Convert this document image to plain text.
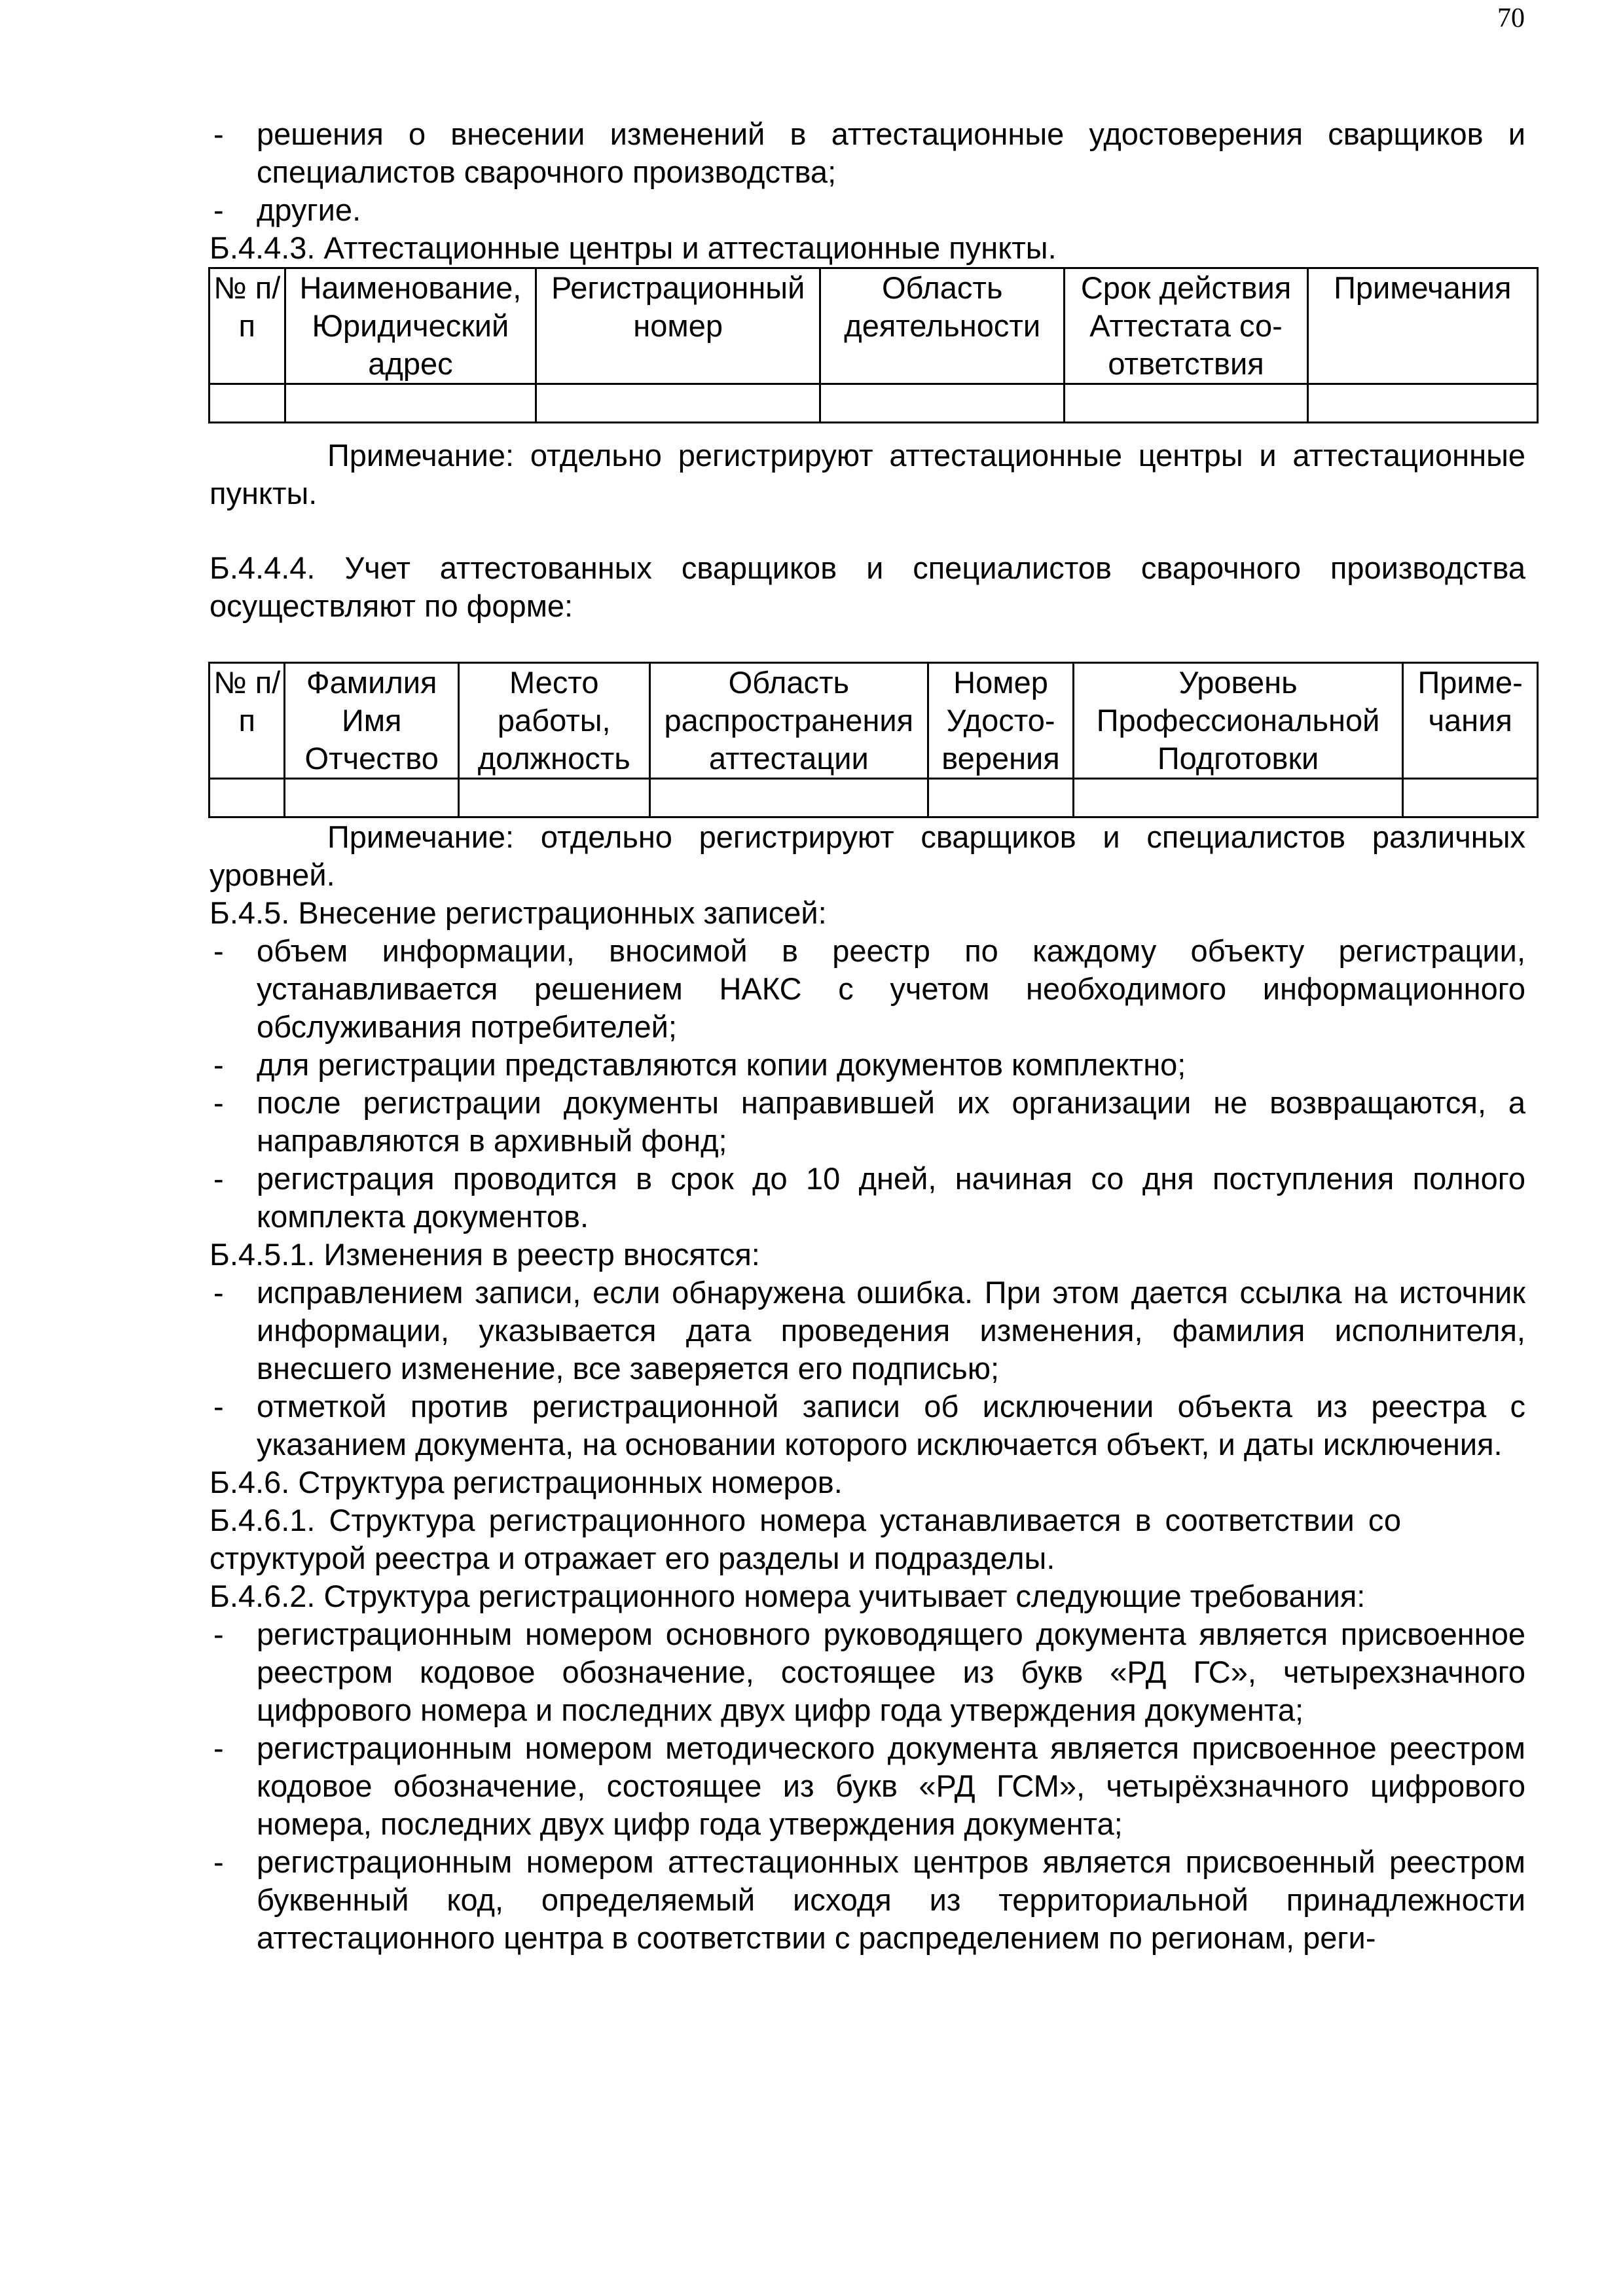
70
- решения о внесении изменений в аттестационные удостоверения сварщиков и специалистов сварочного производства;
- другие.

Б.4.4.3. Аттестационные центры и аттестационные пункты.

№ п/п	Наименование, Юридический адрес	Регистрационный номер	Область деятельности	Срок действия Аттестата со-ответствия	Примечания

Примечание: отдельно регистрируют аттестационные центры и аттестационные пункты.

Б.4.4.4. Учет аттестованных сварщиков и специалистов сварочного производства осуществляют по форме:

№ п/п	Фамилия Имя Отчество	Место работы, должность	Область распространения аттестации	Номер Удосто-верения	Уровень Профессиональной Подготовки	Приме-чания

Примечание: отдельно регистрируют сварщиков и специалистов различных уровней.

Б.4.5. Внесение регистрационных записей:

- объем информации, вносимой в реестр по каждому объекту регистрации, устанавливается решением НАКС с учетом необходимого информационного обслуживания потребителей;
- для регистрации представляются копии документов комплектно;
- после регистрации документы направившей их организации не возвращаются, а направляются в архивный фонд;
- регистрация проводится в срок до 10 дней, начиная со дня поступления полного комплекта документов.

Б.4.5.1. Изменения в реестр вносятся:

- исправлением записи, если обнаружена ошибка. При этом дается ссылка на источник информации, указывается дата проведения изменения, фамилия исполнителя, внесшего изменение, все заверяется его подписью;
- отметкой против регистрационной записи об исключении объекта из реестра с указанием документа, на основании которого исключается объект, и даты исключения.

Б.4.6. Структура регистрационных номеров.

Б.4.6.1. Структура регистрационного номера устанавливается в соответствии со структурой реестра и отражает его разделы и подразделы.

Б.4.6.2. Структура регистрационного номера учитывает следующие требования:

- регистрационным номером основного руководящего документа является присвоенное реестром кодовое обозначение, состоящее из букв «РД ГС», четырехзначного цифрового номера и последних двух цифр года утверждения документа;
- регистрационным номером методического документа является присвоенное реестром кодовое обозначение, состоящее из букв «РД ГСМ», четырёхзначного цифрового номера, последних двух цифр года утверждения документа;
- регистрационным номером аттестационных центров является присвоенный реестром буквенный код, определяемый исходя из территориальной принадлежности аттестационного центра в соответствии с распределением по регионам, реги-
